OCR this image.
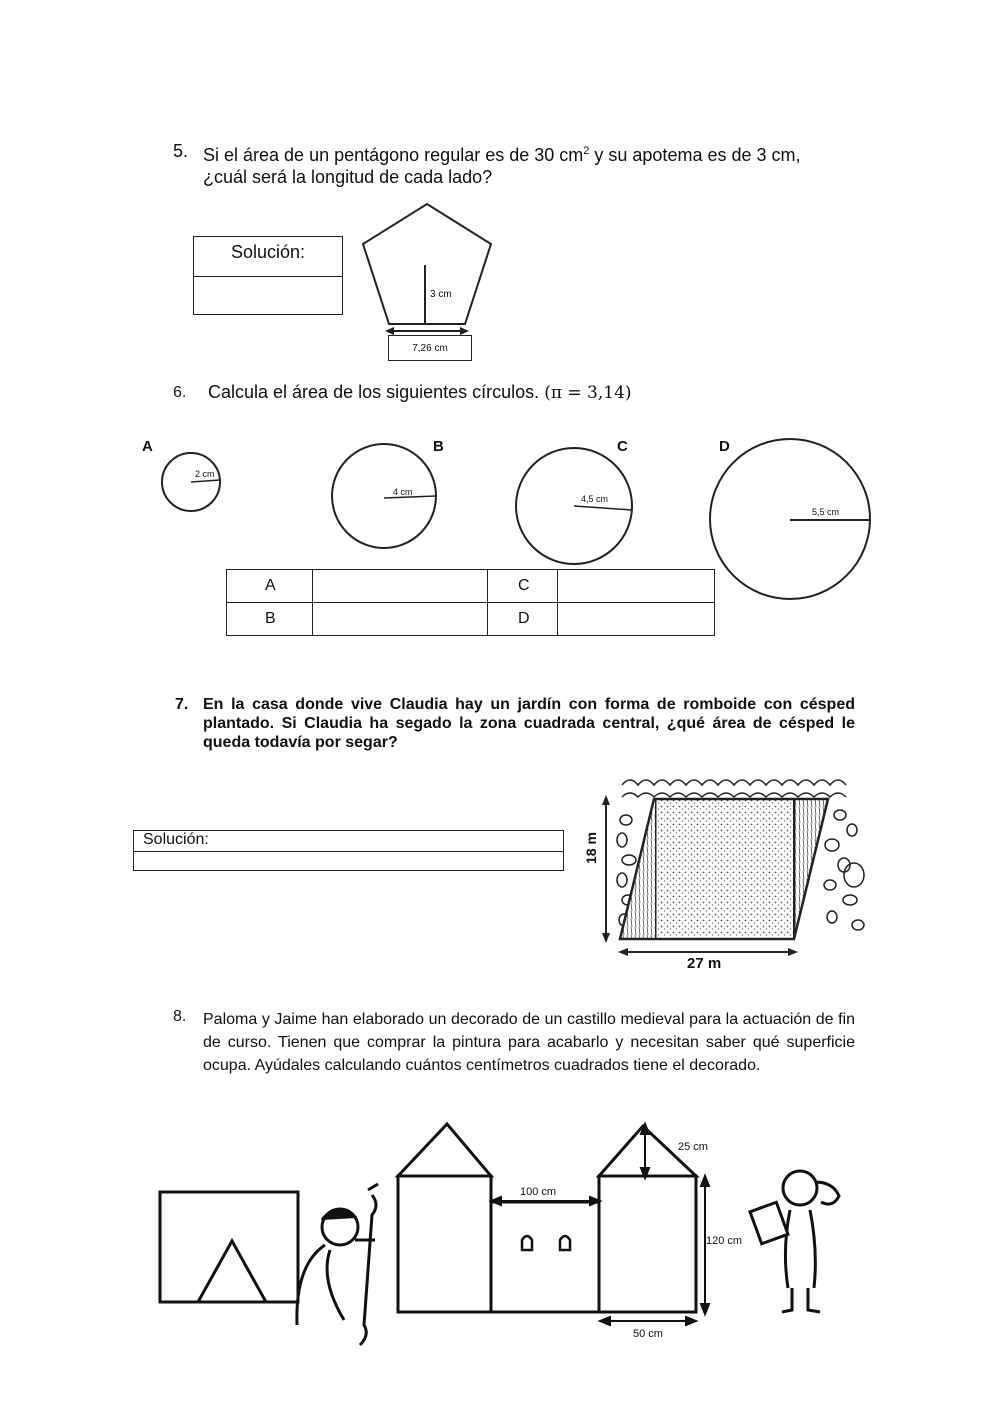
5. Si el área de un pentágono regular es de 30 $cm^2$ y su apotema es de 3 cm,
¿cuál será la longitud de cada lado?
Solución:
3 cm
7,26 cm
6. Calcula el área de los siguientes círculos. (π = 3,14)
A	B	C	D
2 cm
4 cm
4,5 cm
5,5 cm
A		C	
B		D	
7. En la casa donde vive Claudia hay un jardín con forma de romboide con césped plantado. Si Claudia ha segado la zona cuadrada central, ¿qué área de césped le queda todavía por segar?
Solución:	18 m
27 m
8. Paloma y Jaime han elaborado un decorado de un castillo medieval para la actuación de fin de curso. Tienen que comprar la pintura para acabarlo y necesitan saber qué superficie ocupa. Ayúdales calculando cuántos centímetros cuadrados tiene el decorado.
25 cm
100 cm
120 cm
50 cm
